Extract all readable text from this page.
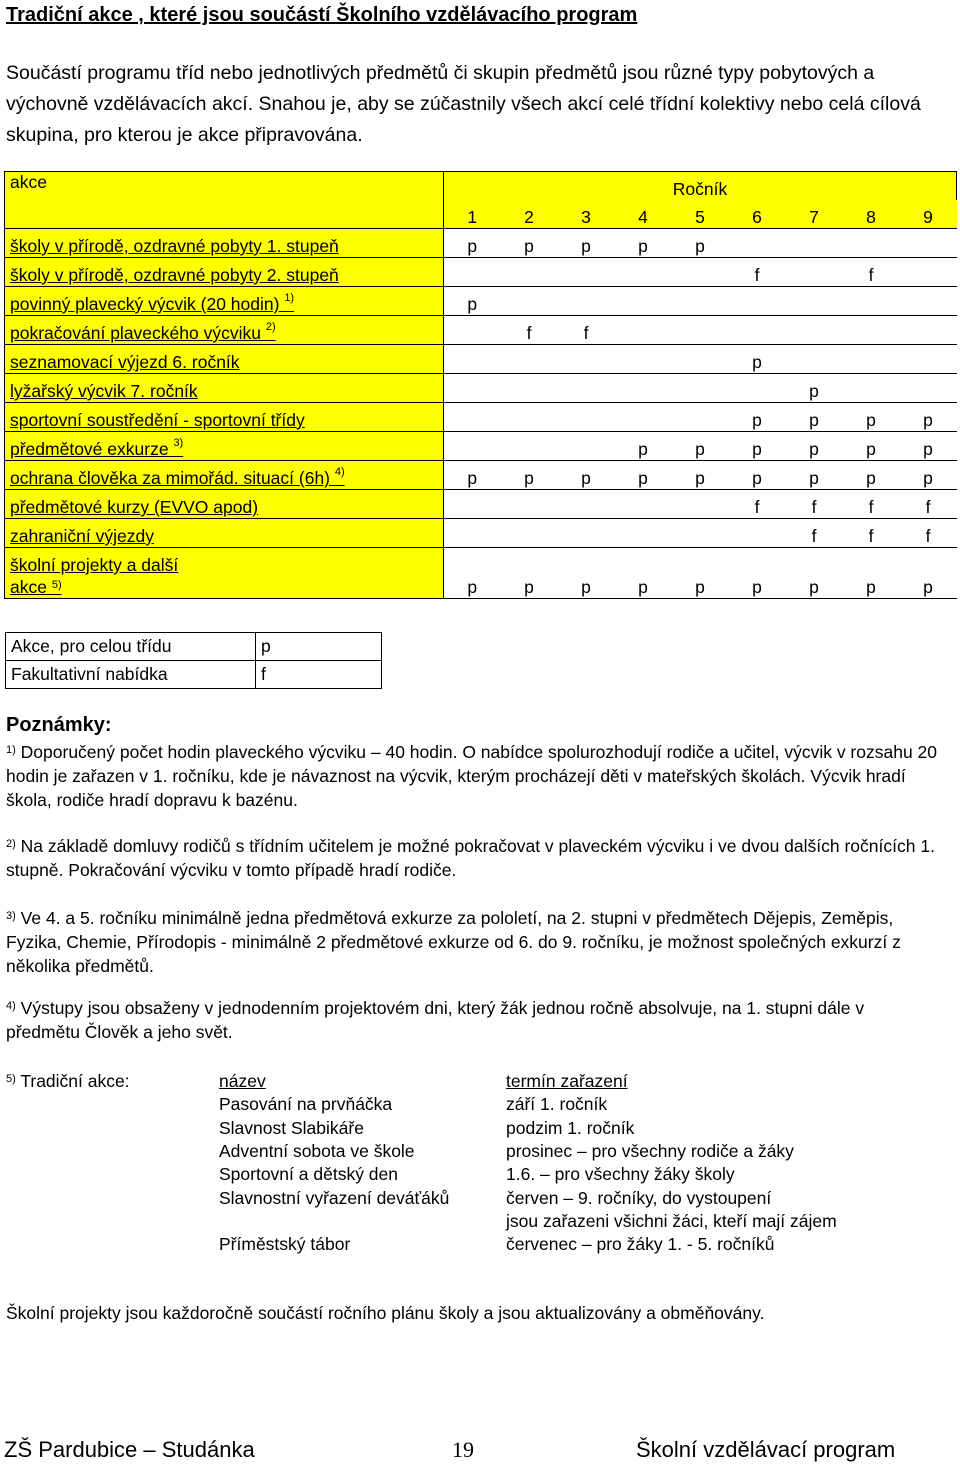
Tradiční akce , které jsou součástí Školního vzdělávacího program
Součástí programu tříd nebo jednotlivých předmětů či skupin předmětů jsou různé typy pobytových a výchovně vzdělávacích akcí. Snahou je, aby se zúčastnily všech akcí celé třídní kolektivy nebo celá cílová skupina, pro kterou je akce připravována.
akce	Ročník								
	1	2	3	4	5	6	7	8	9
školy v přírodě, ozdravné pobyty 1. stupeň	p	p	p	p	p				
školy v přírodě, ozdravné pobyty 2. stupeň						f		f	
povinný plavecký výcvik (20 hodin) $^{1)}$	p								
pokračování plaveckého výcviku $^{2)}$		f	f						
seznamovací výjezd 6. ročník						p			
lyžařský výcvik 7. ročník							p		
sportovní soustředění - sportovní třídy						p	p	p	p
předmětové exkurze $^{3)}$				p	p	p	p	p	p
ochrana člověka za mimořád. situací (6h) $^{4)}$	p	p	p	p	p	p	p	p	p
předmětové kurzy (EVVO apod)						f	f	f	f
zahraniční výjezdy							f	f	f
školní projekty a další
akce $^{5)}$	p	p	p	p	p	p	p	p	p
Akce, pro celou třídu	p
Fakultativní nabídka	f
Poznámky:
$^{1)}$ Doporučený počet hodin plaveckého výcviku – 40 hodin. O nabídce spolurozhodují rodiče a učitel, výcvik v rozsahu 20 hodin je zařazen v 1. ročníku, kde je návaznost na výcvik, kterým procházejí děti v mateřských školách. Výcvik hradí škola, rodiče hradí dopravu k bazénu.
$^{2)}$ Na základě domluvy rodičů s třídním učitelem je možné pokračovat v plaveckém výcviku i ve dvou dalších ročnících 1. stupně. Pokračování výcviku v tomto případě hradí rodiče.
$^{3)}$ Ve 4. a 5. ročníku minimálně jedna předmětová exkurze za pololetí, na 2. stupni v předmětech Dějepis, Zeměpis, Fyzika, Chemie, Přírodopis - minimálně 2 předmětové exkurze od 6. do 9. ročníku, je možnost společných exkurzí z několika předmětů.
$^{4)}$ Výstupy jsou obsaženy v jednodenním projektovém dni, který žák jednou ročně absolvuje, na 1. stupni dále v předmětu Člověk a jeho svět.
$^{5)}$ Tradiční akce:	název	termín zařazení
Pasování na prvňáčka	září 1. ročník
Slavnost Slabikáře	podzim 1. ročník
Adventní sobota ve škole	prosinec – pro všechny rodiče a žáky
Sportovní a dětský den	1.6. – pro všechny žáky školy
Slavnostní vyřazení deváťáků	červen – 9. ročníky, do vystoupení
jsou zařazeni všichni žáci, kteří mají zájem
Příměstský tábor	červenec – pro žáky 1. - 5. ročníků
Školní projekty jsou každoročně součástí ročního plánu školy a jsou aktualizovány a obměňovány.
ZŠ Pardubice – Studánka	19	Školní vzdělávací program
